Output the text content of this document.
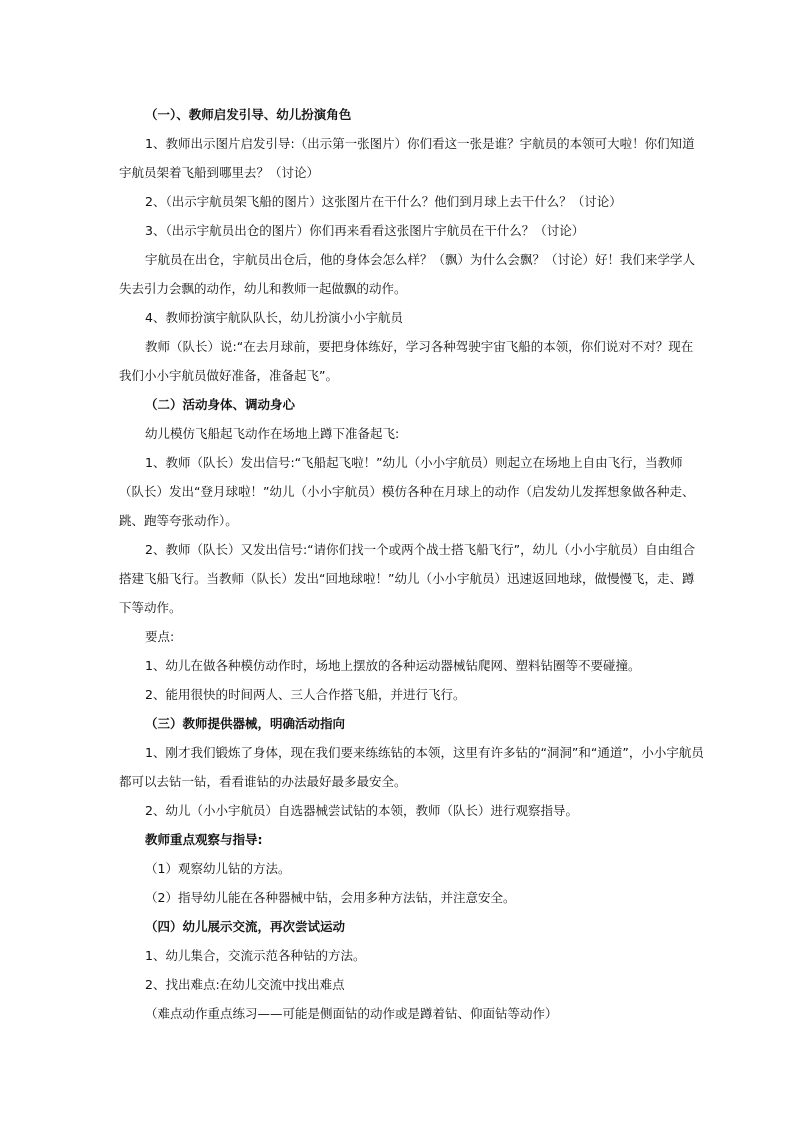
（一）、教师启发引导、幼儿扮演角色

1、教师出示图片启发引导:（出示第一张图片）你们看这一张是谁？宇航员的本领可大啦！你们知道

宇航员架着飞船到哪里去？（讨论）

2、（出示宇航员架飞船的图片）这张图片在干什么？他们到月球上去干什么？（讨论）

3、（出示宇航员出仓的图片）你们再来看看这张图片宇航员在干什么？（讨论）

宇航员在出仓，宇航员出仓后，他的身体会怎么样？（飘）为什么会飘？（讨论）好！我们来学学人

失去引力会飘的动作，幼儿和教师一起做飘的动作。

4、教师扮演宇航队队长，幼儿扮演小小宇航员

教师（队长）说:“在去月球前，要把身体练好，学习各种驾驶宇宙飞船的本领，你们说对不对？现在

我们小小宇航员做好准备，准备起飞”。

（二）活动身体、调动身心

幼儿模仿飞船起飞动作在场地上蹲下准备起飞:

1、教师（队长）发出信号:“飞船起飞啦！”幼儿（小小宇航员）则起立在场地上自由飞行，当教师

（队长）发出“登月球啦！”幼儿（小小宇航员）模仿各种在月球上的动作（启发幼儿发挥想象做各种走、

跳、跑等夸张动作）。

2、教师（队长）又发出信号:“请你们找一个或两个战士搭飞船飞行”，幼儿（小小宇航员）自由组合

搭建飞船飞行。当教师（队长）发出“回地球啦！”幼儿（小小宇航员）迅速返回地球，做慢慢飞，走、蹲

下等动作。

要点:

1、幼儿在做各种模仿动作时，场地上摆放的各种运动器械钻爬网、塑料钻圈等不要碰撞。

2、能用很快的时间两人、三人合作搭飞船，并进行飞行。

（三）教师提供器械，明确活动指向

1、刚才我们锻炼了身体，现在我们要来练练钻的本领，这里有许多钻的“洞洞”和“通道”，小小宇航员

都可以去钻一钻，看看谁钻的办法最好最多最安全。

2、幼儿（小小宇航员）自选器械尝试钻的本领，教师（队长）进行观察指导。

教师重点观察与指导:

（1）观察幼儿钻的方法。

（2）指导幼儿能在各种器械中钻，会用多种方法钻，并注意安全。

（四）幼儿展示交流，再次尝试运动

1、幼儿集合，交流示范各种钻的方法。

2、找出难点:在幼儿交流中找出难点

（难点动作重点练习——可能是侧面钻的动作或是蹲着钻、仰面钻等动作）
